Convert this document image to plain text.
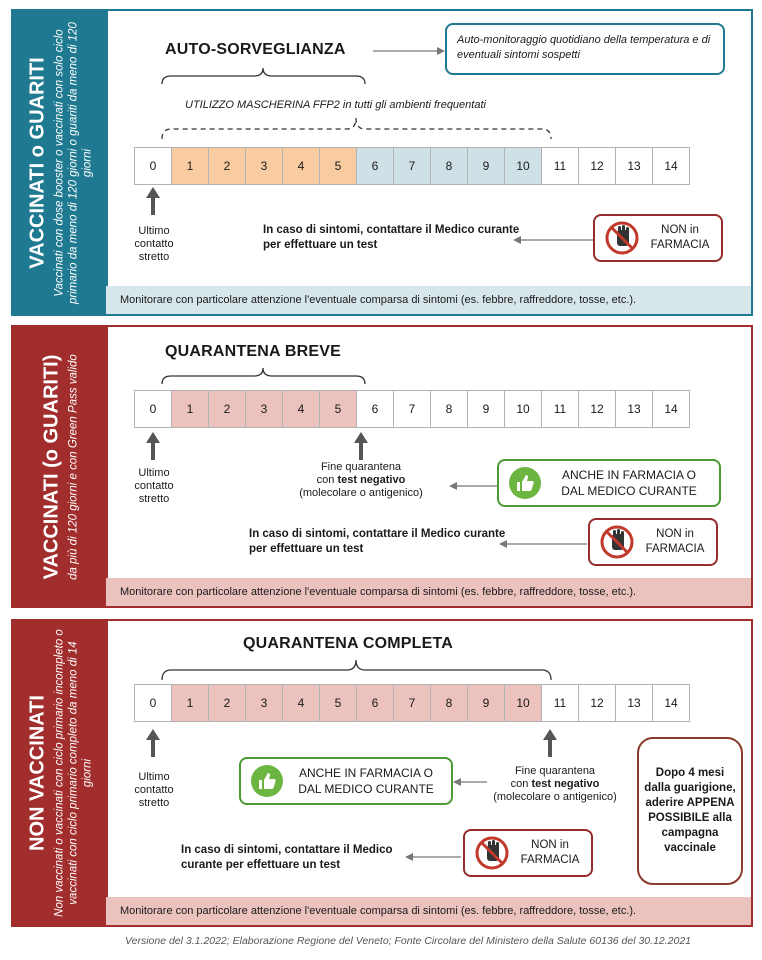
VACCINATI o GUARITI Vaccinati con dose booster o vaccinati con solo ciclo primario da meno di 120 giorni o guariti da meno di 120 giorni
AUTO-SORVEGLIANZA
Auto-monitoraggio quotidiano della temperatura e di eventuali sintomi sospetti
UTILIZZO MASCHERINA FFP2 in tutti gli ambienti frequentati
0	1	2	3	4	5	6	7	8	9	10	11	12	13	14
Ultimo contatto stretto
In caso di sintomi, contattare il Medico curante per effettuare un test
NON in FARMACIA
Monitorare con particolare attenzione l'eventuale comparsa di sintomi (es. febbre, raffreddore, tosse, etc.).
VACCINATI (o GUARITI) da più di 120 giorni e con Green Pass valido
QUARANTENA BREVE
0	1	2	3	4	5	6	7	8	9	10	11	12	13	14
Ultimo contatto stretto
Fine quarantena
con test negativo
(molecolare o antigenico)
ANCHE IN FARMACIA O DAL MEDICO CURANTE
In caso di sintomi, contattare il Medico curante per effettuare un test
NON in FARMACIA
Monitorare con particolare attenzione l'eventuale comparsa di sintomi (es. febbre, raffreddore, tosse, etc.).
NON VACCINATI Non vaccinati o vaccinati con ciclo primario incompleto o vaccinati con ciclo primario completo da meno di 14 giorni
QUARANTENA COMPLETA
0	1	2	3	4	5	6	7	8	9	10	11	12	13	14
Ultimo contatto stretto
ANCHE IN FARMACIA O DAL MEDICO CURANTE
Fine quarantena
con test negativo
(molecolare o antigenico)
Dopo 4 mesi dalla guarigione, aderire APPENA POSSIBILE alla campagna vaccinale
In caso di sintomi, contattare il Medico curante per effettuare un test
NON in FARMACIA
Monitorare con particolare attenzione l'eventuale comparsa di sintomi (es. febbre, raffreddore, tosse, etc.).
Versione del 3.1.2022; Elaborazione Regione del Veneto; Fonte Circolare del Ministero della Salute 60136 del 30.12.2021
